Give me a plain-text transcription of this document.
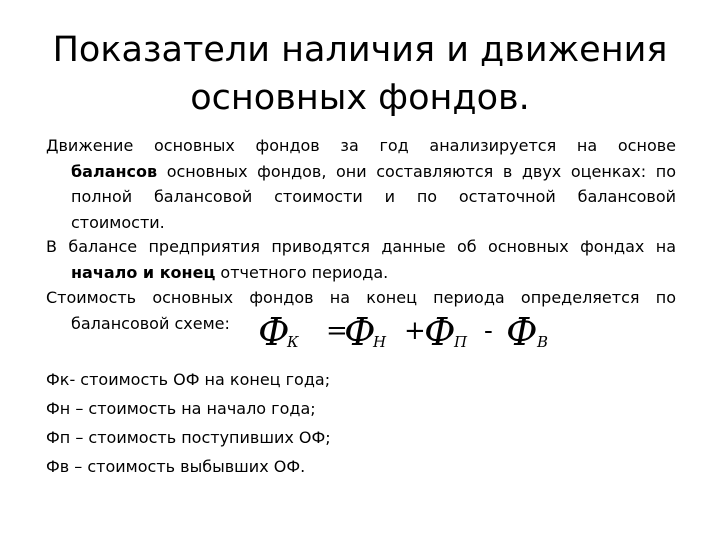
Показатели наличия и движения
основных фондов.
Движение основных фондов за год анализируется на основе
балансов основных фондов, они составляются в двух оценках: по
полной балансовой стоимости и по остаточной балансовой
стоимости.
В балансе предприятия приводятся данные об основных фондах на
начало и конец отчетного периода.
Стоимость основных фондов на конец периода определяется по
балансовой схеме: Ф
К =
Ф
Н +
Ф
П - Ф В
Фк- стоимость ОФ на конец года;
Фн – стоимость на начало года;
Фп – стоимость поступивших ОФ;
Фв – стоимость выбывших ОФ.
